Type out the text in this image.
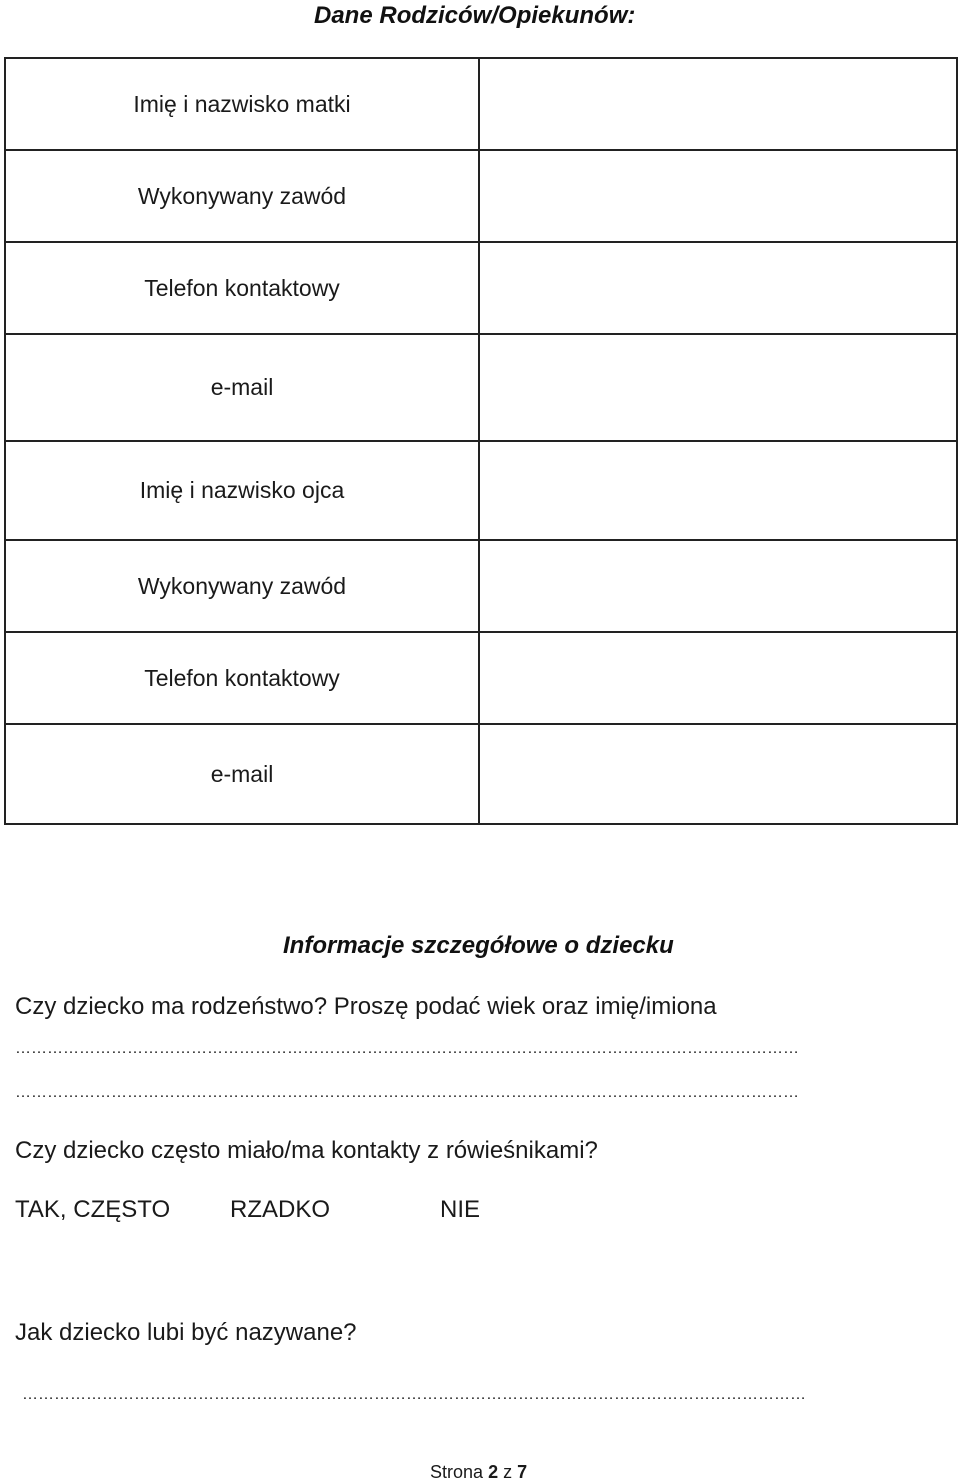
Dane Rodziców/Opiekunów:
Imię i nazwisko matki	
Wykonywany zawód	
Telefon kontaktowy	
e-mail	
Imię i nazwisko ojca	
Wykonywany zawód	
Telefon kontaktowy	
e-mail	
Informacje szczegółowe o dziecku
Czy dziecko ma rodzeństwo? Proszę podać wiek oraz imię/imiona
…………………………………………………………………………………………………………………………………
…………………………………………………………………………………………………………………………………
Czy dziecko często miało/ma kontakty z rówieśnikami?
TAK, CZĘSTO RZADKO	NIE
Jak dziecko lubi być nazywane?
…………………………………………………………………………………………………………………………………
Strona 2 z 7
